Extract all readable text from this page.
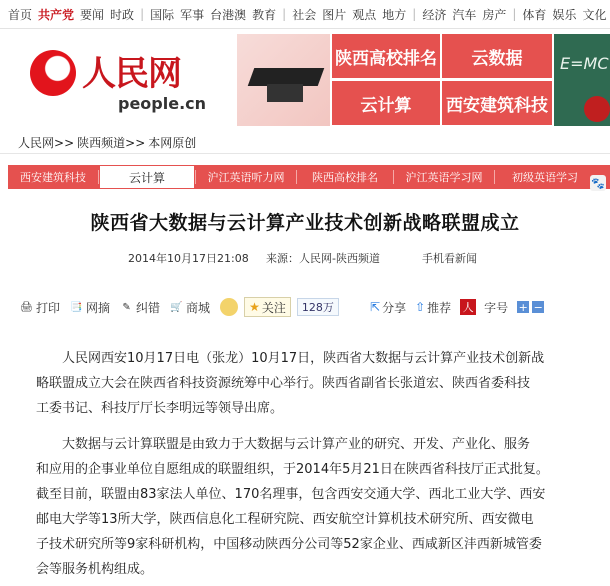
首页 共产党 要闻 时政 | 国际 军事 台港澳 教育 | 社会 图片 观点 地方 | 经济 汽车 房产 | 体育 娱乐 文化
人民网
people.cn
陕西高校排名	云数据
云计算	西安建筑科技
E=MC
人民网>> 陕西频道>> 本网原创
西安建筑科技	云计算	沪江英语听力网	陕西高校排名	沪江英语学习网	初级英语学习	🐾
陕西省大数据与云计算产业技术创新战略联盟成立
2014年10月17日21:08 来源：人民网-陕西频道	手机看新闻
🖨 打印 📑 网摘 ✎ 纠错 🛒 商城	★ 关注	128万	⇱ 分享 ⇧ 推荐 人 字号 + −
人民网西安10月17日电（张龙）10月17日，陕西省大数据与云计算产业技术创新战
略联盟成立大会在陕西省科技资源统筹中心举行。陕西省副省长张道宏、陕西省委科技
工委书记、科技厅厅长李明远等领导出席。
大数据与云计算联盟是由致力于大数据与云计算产业的研究、开发、产业化、服务
和应用的企事业单位自愿组成的联盟组织，于2014年5月21日在陕西省科技厅正式批复。
截至目前，联盟由83家法人单位、170名理事，包含西安交通大学、西北工业大学、西安
邮电大学等13所大学，陕西信息化工程研究院、西安航空计算机技术研究所、西安微电
子技术研究所等9家科研机构，中国移动陕西分公司等52家企业、西咸新区沣西新城管委
会等服务机构组成。
